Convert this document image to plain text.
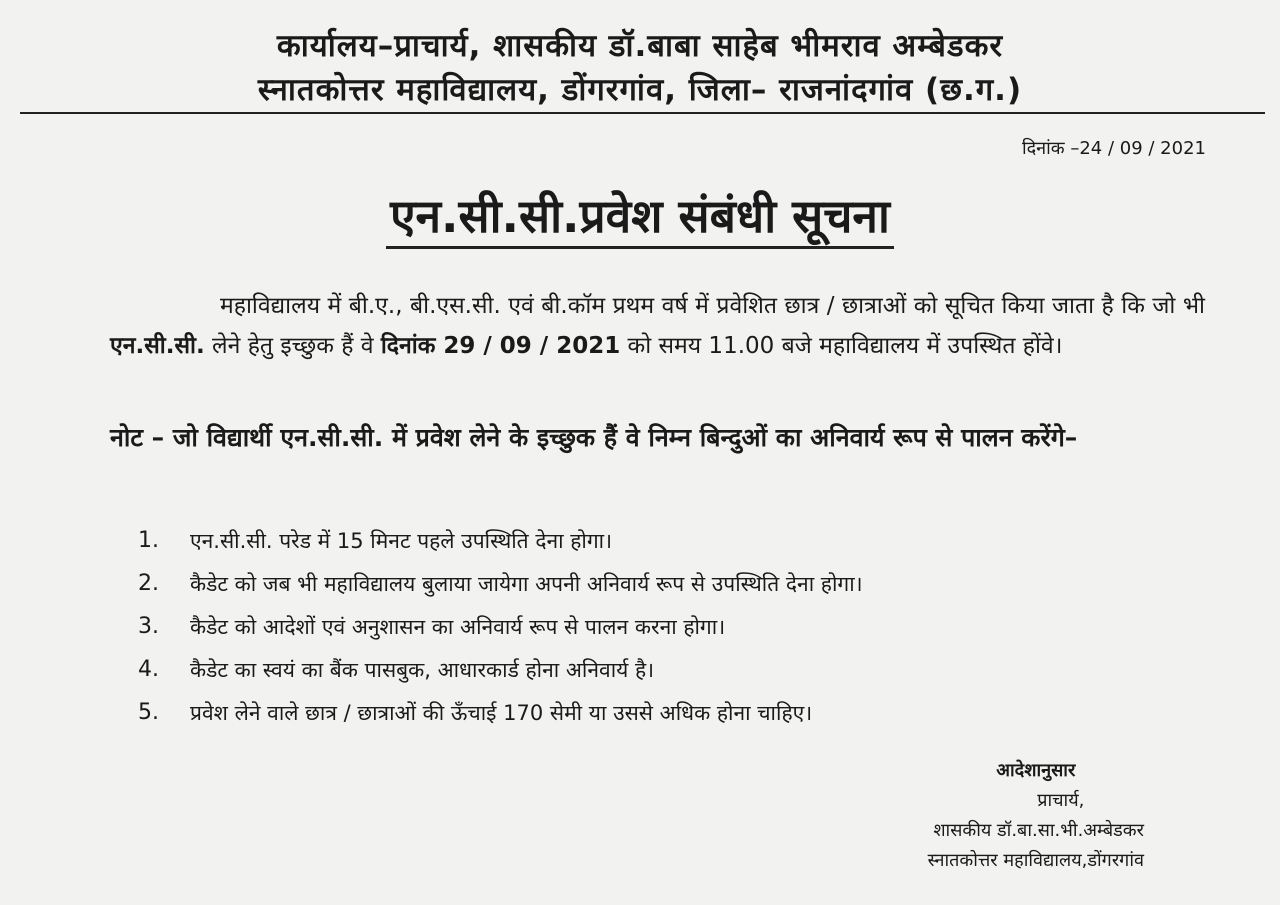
कार्यालय–प्राचार्य, शासकीय डॉ.बाबा साहेब भीमराव अम्बेडकर
स्नातकोत्तर महाविद्यालय, डोंगरगांव, जिला– राजनांदगांव (छ.ग.)
दिनांक –24 / 09 / 2021
एन.सी.सी.प्रवेश संबंधी सूचना
महाविद्यालय में बी.ए., बी.एस.सी. एवं बी.कॉम प्रथम वर्ष में प्रवेशित छात्र / छात्राओं को सूचित किया जाता है कि जो भी एन.सी.सी. लेने हेतु इच्छुक हैं वे दिनांक 29 / 09 / 2021 को समय 11.00 बजे महाविद्यालय में उपस्थित होंवे।
नोट – जो विद्यार्थी एन.सी.सी. में प्रवेश लेने के इच्छुक हैं वे निम्न बिन्दुओं का अनिवार्य रूप से पालन करेंगे–
1.	एन.सी.सी. परेड में 15 मिनट पहले उपस्थिति देना होगा।
2.	कैडेट को जब भी महाविद्यालय बुलाया जायेगा अपनी अनिवार्य रूप से उपस्थिति देना होगा।
3.	कैडेट को आदेशों एवं अनुशासन का अनिवार्य रूप से पालन करना होगा।
4.	कैडेट का स्वयं का बैंक पासबुक, आधारकार्ड होना अनिवार्य है।
5.	प्रवेश लेने वाले छात्र / छात्राओं की ऊँचाई 170 सेमी या उससे अधिक होना चाहिए।
आदेशानुसार
प्राचार्य,
शासकीय डॉ.बा.सा.भी.अम्बेडकर
स्नातकोत्तर महाविद्यालय,डोंगरगांव
